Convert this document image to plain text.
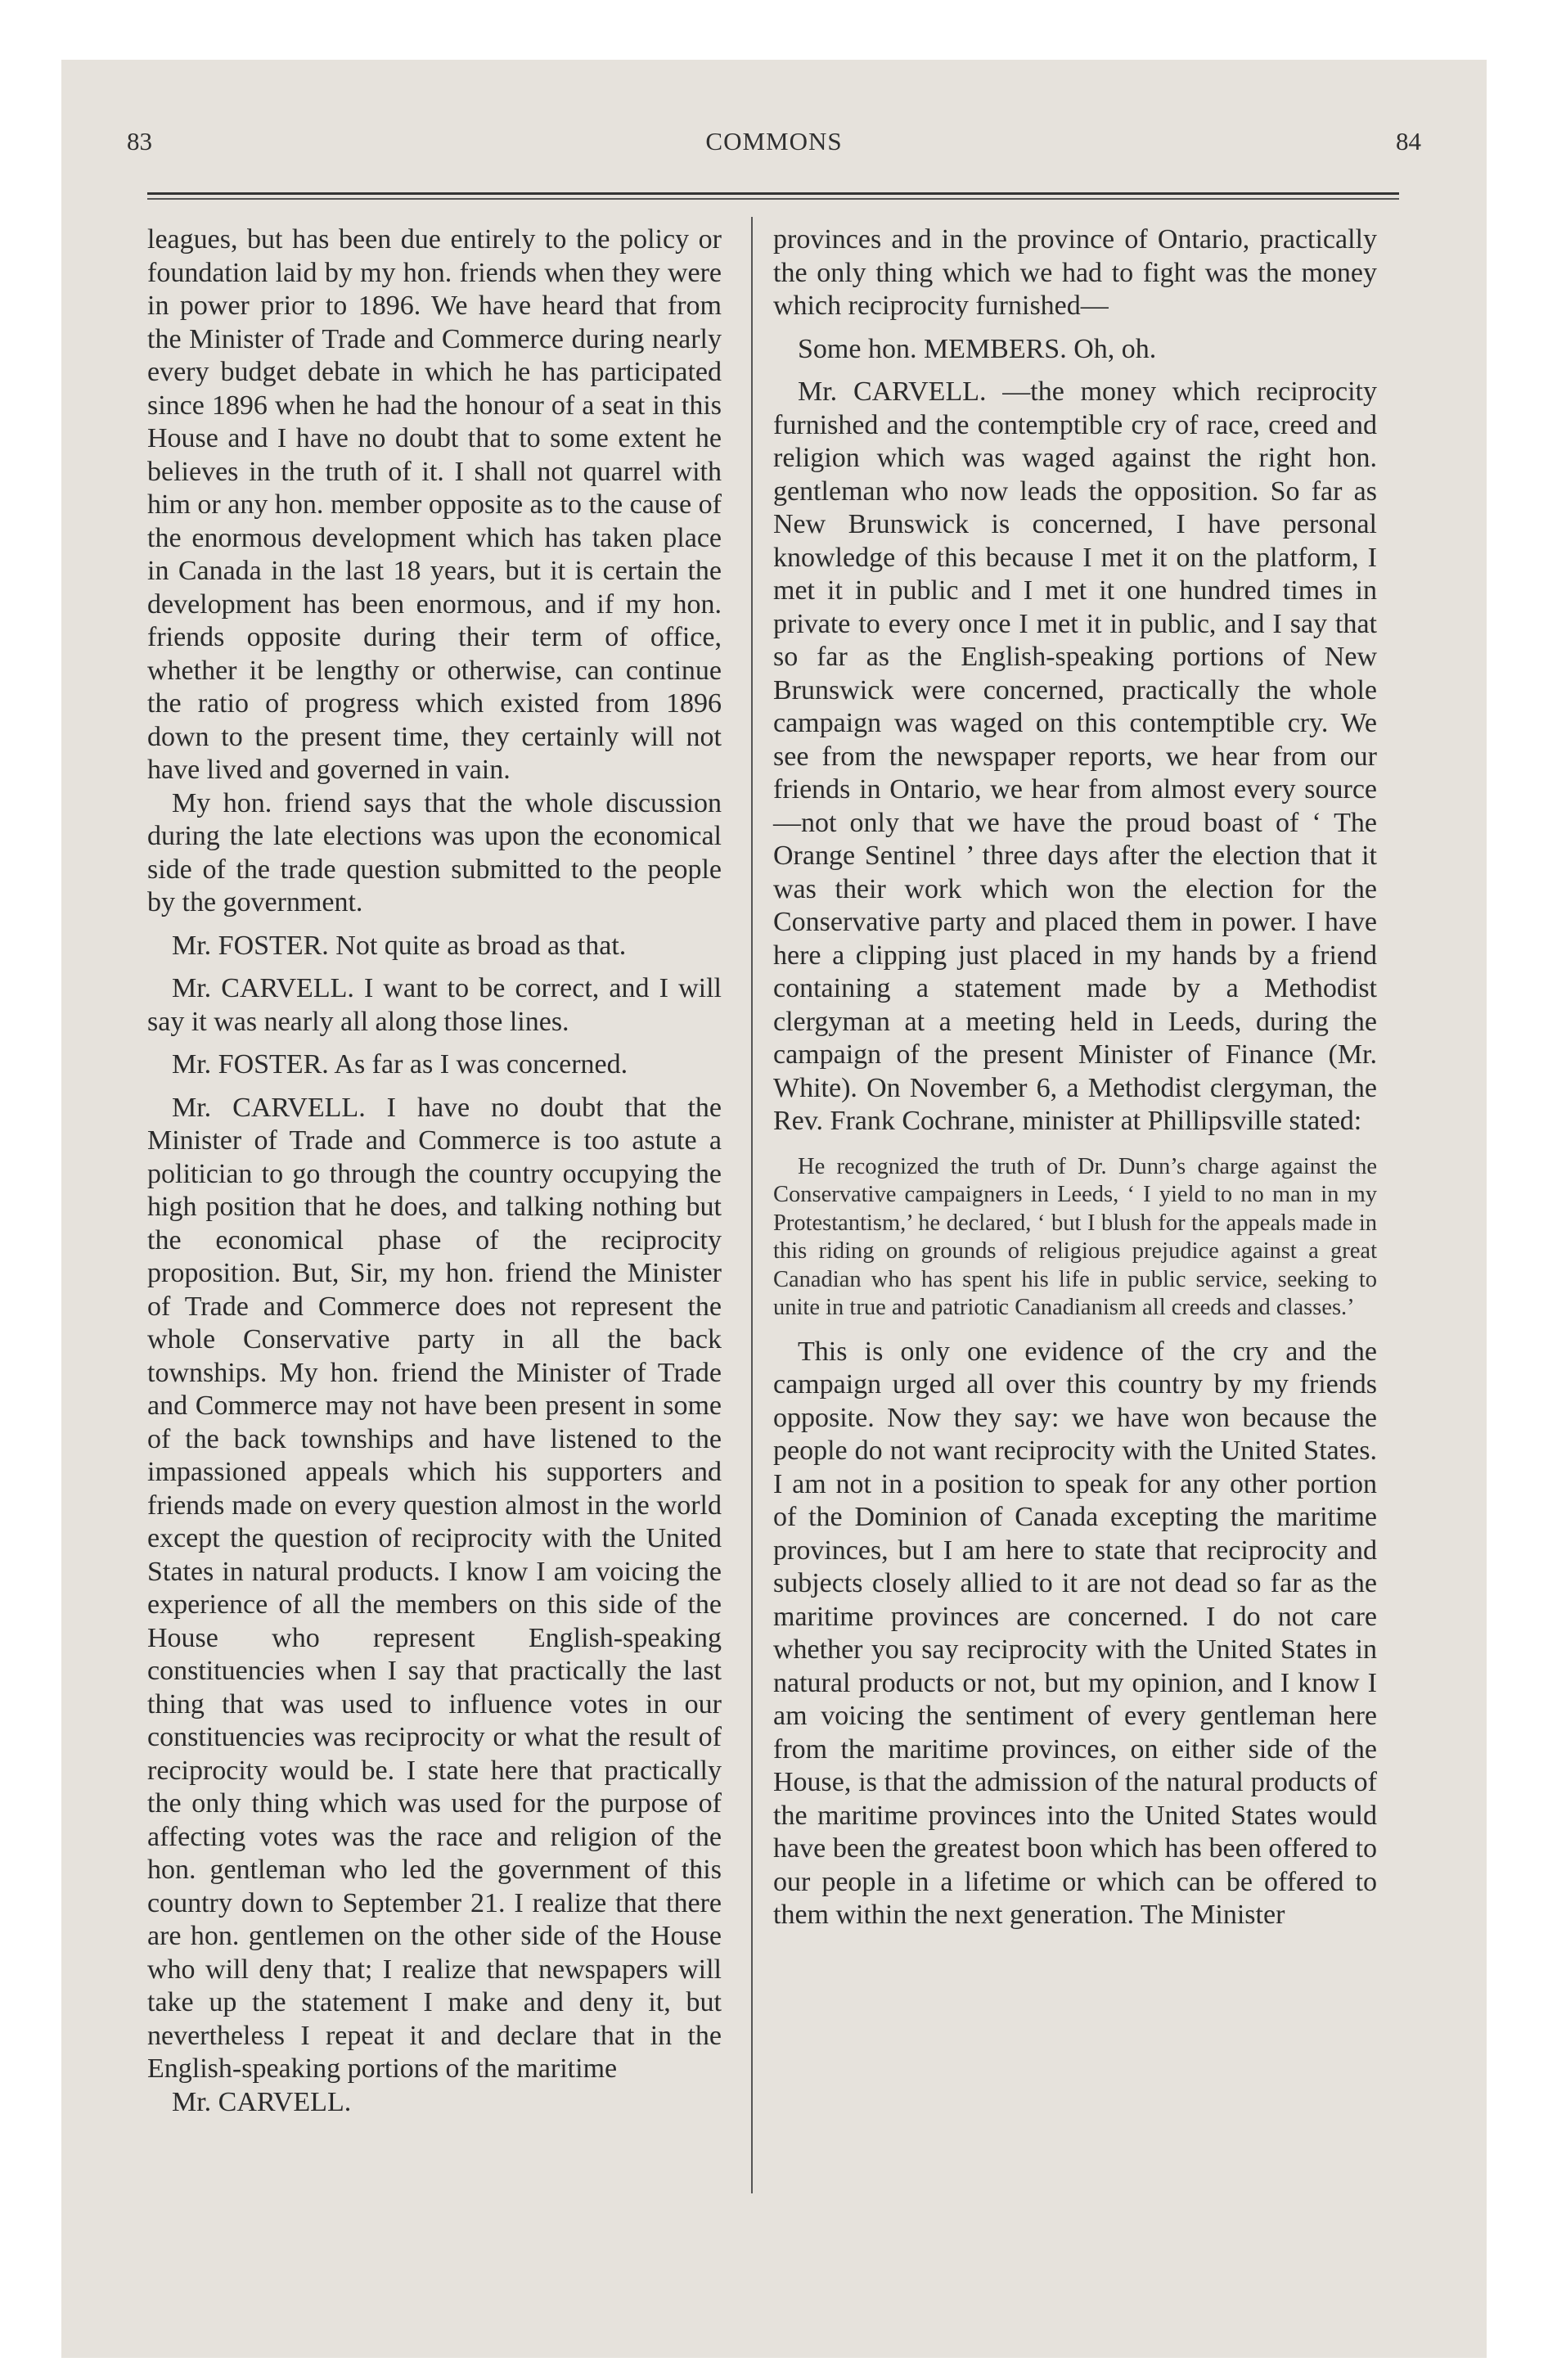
83	COMMONS	84

leagues, but has been due entirely to the policy or foundation laid by my hon. friends when they were in power prior to 1896. We have heard that from the Minister of Trade and Commerce during nearly every budget debate in which he has participated since 1896 when he had the honour of a seat in this House and I have no doubt that to some extent he believes in the truth of it. I shall not quarrel with him or any hon. member opposite as to the cause of the enormous development which has taken place in Canada in the last 18 years, but it is certain the development has been enormous, and if my hon. friends opposite during their term of office, whether it be lengthy or otherwise, can continue the ratio of progress which existed from 1896 down to the present time, they certainly will not have lived and governed in vain.

My hon. friend says that the whole discussion during the late elections was upon the economical side of the trade question submitted to the people by the government.

Mr. FOSTER. Not quite as broad as that.

Mr. CARVELL. I want to be correct, and I will say it was nearly all along those lines.

Mr. FOSTER. As far as I was concerned.

Mr. CARVELL. I have no doubt that the Minister of Trade and Commerce is too astute a politician to go through the country occupying the high position that he does, and talking nothing but the economical phase of the reciprocity proposition. But, Sir, my hon. friend the Minister of Trade and Commerce does not represent the whole Conservative party in all the back townships. My hon. friend the Minister of Trade and Commerce may not have been present in some of the back townships and have listened to the impassioned appeals which his supporters and friends made on every question almost in the world except the question of reciprocity with the United States in natural products. I know I am voicing the experience of all the members on this side of the House who represent English-speaking constituencies when I say that practically the last thing that was used to influence votes in our constituencies was reciprocity or what the result of reciprocity would be. I state here that practically the only thing which was used for the purpose of affecting votes was the race and religion of the hon. gentleman who led the government of this country down to September 21. I realize that there are hon. gentlemen on the other side of the House who will deny that; I realize that newspapers will take up the statement I make and deny it, but nevertheless I repeat it and declare that in the English-speaking portions of the maritime

Mr. CARVELL.

provinces and in the province of Ontario, practically the only thing which we had to fight was the money which reciprocity furnished—

Some hon. MEMBERS. Oh, oh.

Mr. CARVELL. —the money which reciprocity furnished and the contemptible cry of race, creed and religion which was waged against the right hon. gentleman who now leads the opposition. So far as New Brunswick is concerned, I have personal knowledge of this because I met it on the platform, I met it in public and I met it one hundred times in private to every once I met it in public, and I say that so far as the English-speaking portions of New Brunswick were concerned, practically the whole campaign was waged on this contemptible cry. We see from the newspaper reports, we hear from our friends in Ontario, we hear from almost every source—not only that we have the proud boast of ‘ The Orange Sentinel ’ three days after the election that it was their work which won the election for the Conservative party and placed them in power. I have here a clipping just placed in my hands by a friend containing a statement made by a Methodist clergyman at a meeting held in Leeds, during the campaign of the present Minister of Finance (Mr. White). On November 6, a Methodist clergyman, the Rev. Frank Cochrane, minister at Phillipsville stated:

He recognized the truth of Dr. Dunn’s charge against the Conservative campaigners in Leeds, ‘ I yield to no man in my Protestantism,’ he declared, ‘ but I blush for the appeals made in this riding on grounds of religious prejudice against a great Canadian who has spent his life in public service, seeking to unite in true and patriotic Canadianism all creeds and classes.’

This is only one evidence of the cry and the campaign urged all over this country by my friends opposite. Now they say: we have won because the people do not want reciprocity with the United States. I am not in a position to speak for any other portion of the Dominion of Canada excepting the maritime provinces, but I am here to state that reciprocity and subjects closely allied to it are not dead so far as the maritime provinces are concerned. I do not care whether you say reciprocity with the United States in natural products or not, but my opinion, and I know I am voicing the sentiment of every gentleman here from the maritime provinces, on either side of the House, is that the admission of the natural products of the maritime provinces into the United States would have been the greatest boon which has been offered to our people in a lifetime or which can be offered to them within the next generation. The Minister
